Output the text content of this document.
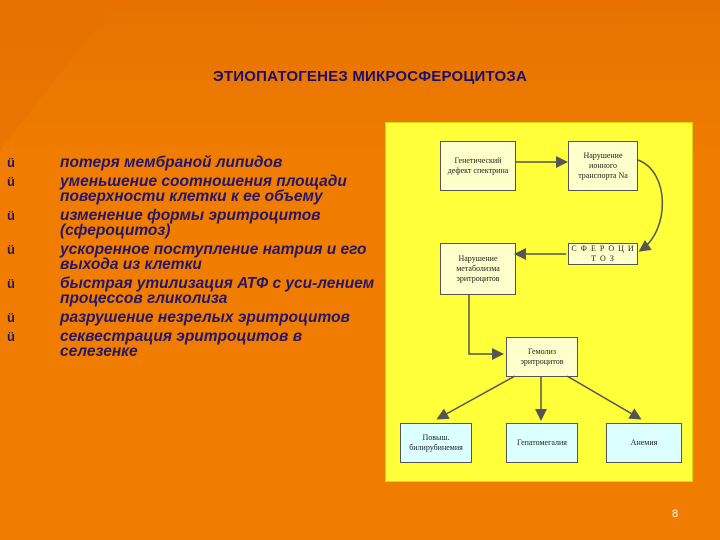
ЭТИОПАТОГЕНЕЗ МИКРОСФЕРОЦИТОЗА
ü	потеря мембраной липидов
ü	уменьшение соотношения площади поверхности клетки к ее объему
ü	изменение формы эритроцитов (сфероцитоз)
ü	ускоренное поступление натрия и его выхода из клетки
ü	быстрая утилизация АТФ с уси-лением процессов гликолиза
ü	разрушение незрелых эритроцитов
ü	секвестрация эритроцитов в селезенке
Генетический дефект спектрина
Нарушение ионного транспорта Na
С Ф Е Р О Ц И Т О З
Нарушение метаболизма эритроцитов
Гемолиз эритроцитов
Повыш. билирубинемия
Гепатомегалия	Анемия
8
